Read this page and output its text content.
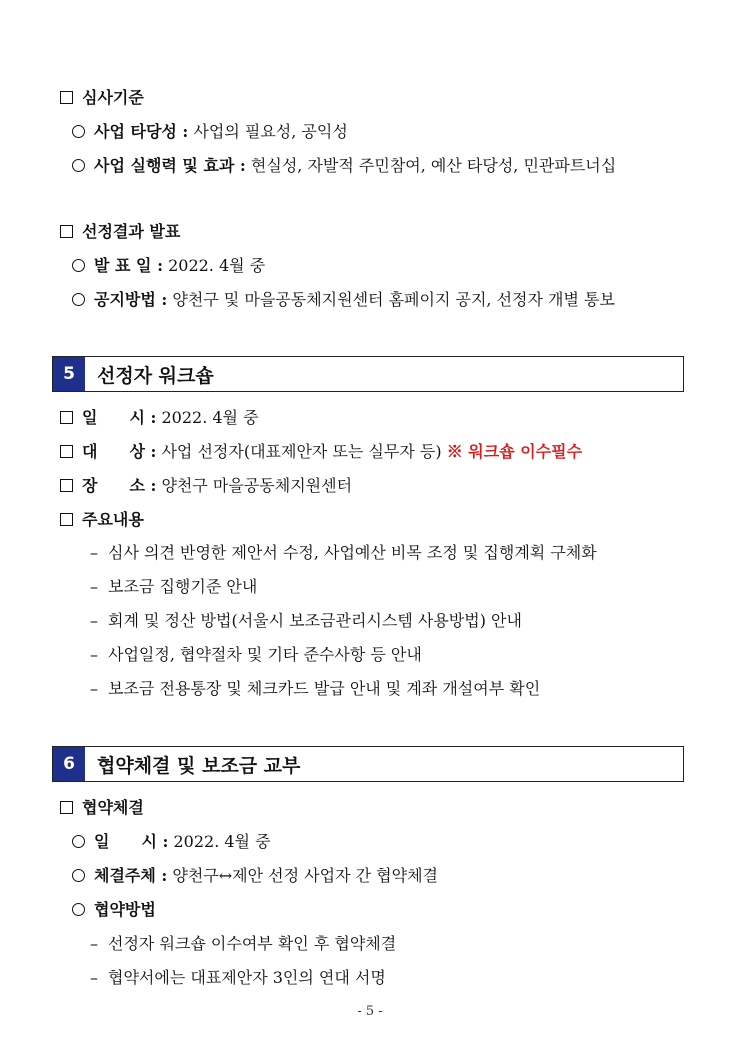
심사기준
사업 타당성 : 사업의 필요성, 공익성
사업 실행력 및 효과 : 현실성, 자발적 주민참여, 예산 타당성, 민관파트너십
선정결과 발표
발 표 일 : 2022. 4월 중
공지방법 : 양천구 및 마을공동체지원센터 홈페이지 공지, 선정자 개별 통보
5	선정자 워크숍
일　　시 : 2022. 4월 중
대　　상 : 사업 선정자(대표제안자 또는 실무자 등) ※ 워크숍 이수필수
장　　소 : 양천구 마을공동체지원센터
주요내용
– 심사 의견 반영한 제안서 수정, 사업예산 비목 조정 및 집행계획 구체화
– 보조금 집행기준 안내
– 회계 및 정산 방법(서울시 보조금관리시스템 사용방법) 안내
– 사업일정, 협약절차 및 기타 준수사항 등 안내
– 보조금 전용통장 및 체크카드 발급 안내 및 계좌 개설여부 확인
6	협약체결 및 보조금 교부
협약체결
일　　시 : 2022. 4월 중
체결주체 : 양천구↔제안 선정 사업자 간 협약체결
협약방법
– 선정자 워크숍 이수여부 확인 후 협약체결
– 협약서에는 대표제안자 3인의 연대 서명
- 5 -
